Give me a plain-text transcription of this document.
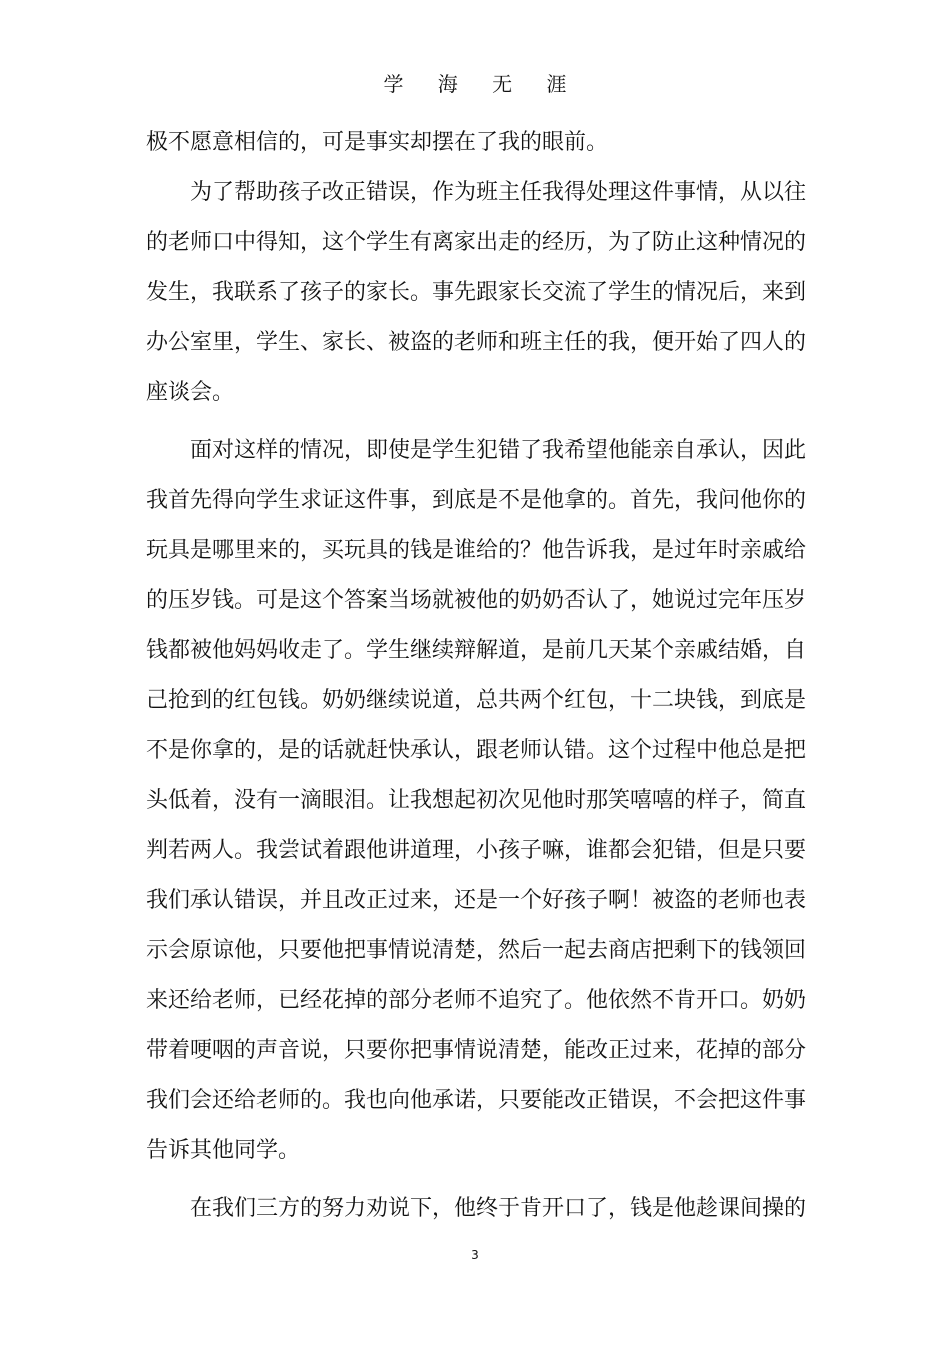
学 海 无 涯

极不愿意相信的，可是事实却摆在了我的眼前。

为了帮助孩子改正错误，作为班主任我得处理这件事情，从以往的老师口中得知，这个学生有离家出走的经历，为了防止这种情况的发生，我联系了孩子的家长。事先跟家长交流了学生的情况后，来到办公室里，学生、家长、被盗的老师和班主任的我，便开始了四人的座谈会。

面对这样的情况，即使是学生犯错了我希望他能亲自承认，因此我首先得向学生求证这件事，到底是不是他拿的。首先，我问他你的玩具是哪里来的，买玩具的钱是谁给的？他告诉我，是过年时亲戚给的压岁钱。可是这个答案当场就被他的奶奶否认了，她说过完年压岁钱都被他妈妈收走了。学生继续辩解道，是前几天某个亲戚结婚，自己抢到的红包钱。奶奶继续说道，总共两个红包，十二块钱，到底是不是你拿的，是的话就赶快承认，跟老师认错。这个过程中他总是把头低着，没有一滴眼泪。让我想起初次见他时那笑嘻嘻的样子，简直判若两人。我尝试着跟他讲道理，小孩子嘛，谁都会犯错，但是只要我们承认错误，并且改正过来，还是一个好孩子啊！被盗的老师也表示会原谅他，只要他把事情说清楚，然后一起去商店把剩下的钱领回来还给老师，已经花掉的部分老师不追究了。他依然不肯开口。奶奶带着哽咽的声音说，只要你把事情说清楚，能改正过来，花掉的部分我们会还给老师的。我也向他承诺，只要能改正错误，不会把这件事告诉其他同学。

在我们三方的努力劝说下，他终于肯开口了，钱是他趁课间操的

3
